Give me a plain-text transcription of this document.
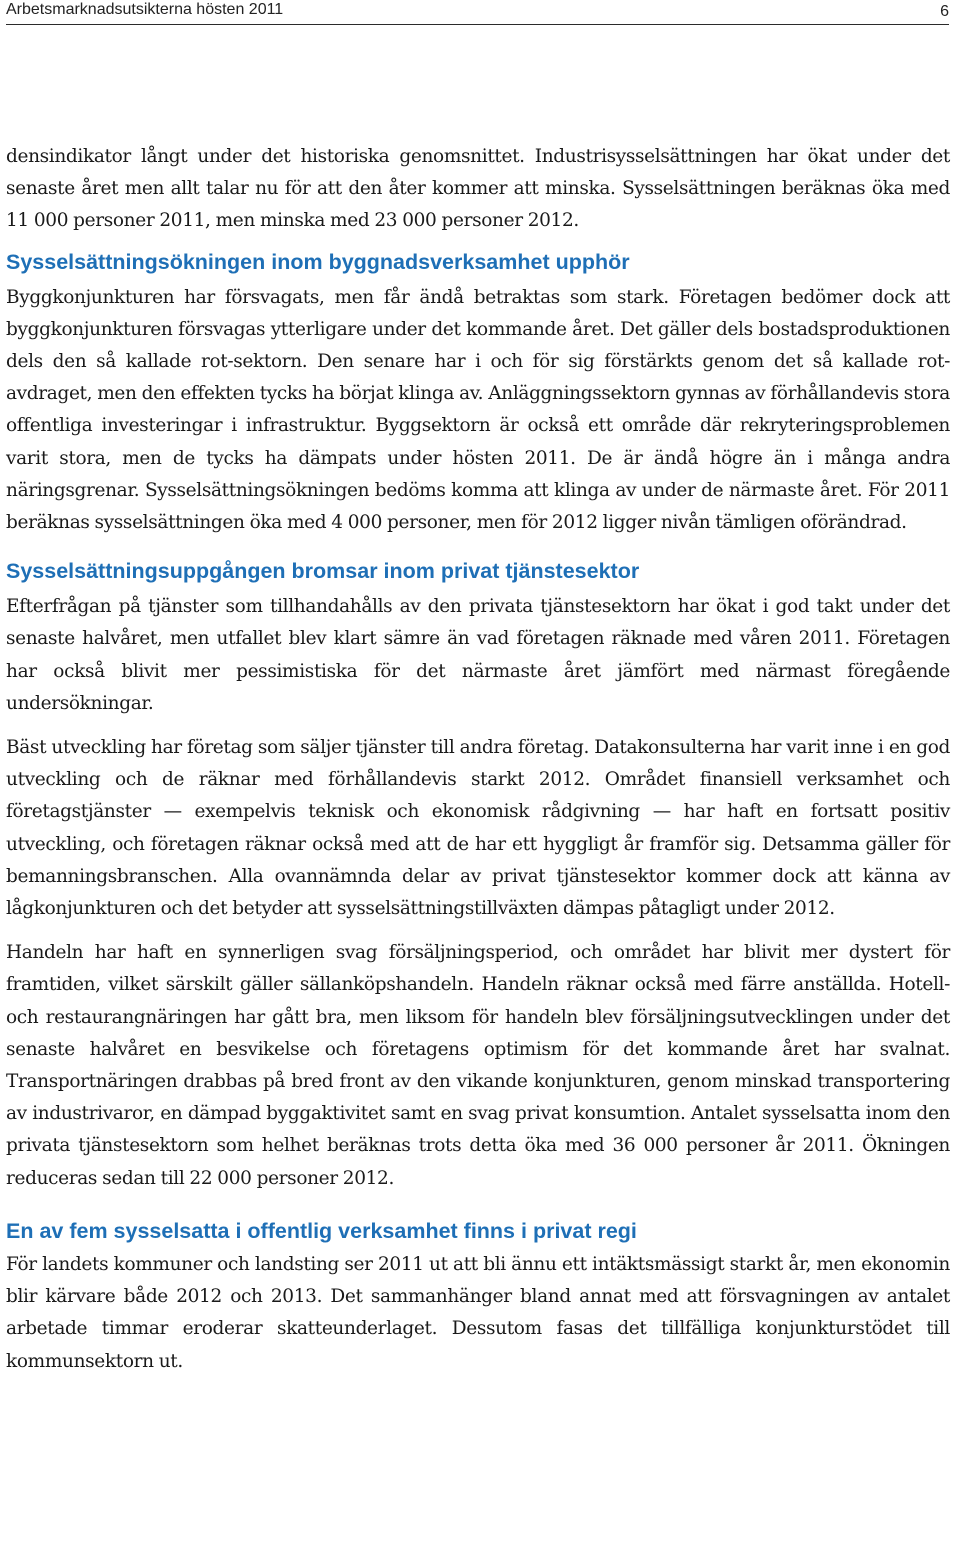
Arbetsmarknadsutsikterna hösten 2011	6

densindikator långt under det historiska genomsnittet. Industrisysselsättningen har ökat under det senaste året men allt talar nu för att den åter kommer att minska. Sysselsättningen beräknas öka med 11 000 personer 2011, men minska med 23 000 personer 2012.

Sysselsättningsökningen inom byggnadsverksamhet upphör

Byggkonjunkturen har försvagats, men får ändå betraktas som stark. Företagen bedömer dock att byggkonjunkturen försvagas ytterligare under det kommande året. Det gäller dels bostadsproduktionen dels den så kallade rot-sektorn. Den senare har i och för sig förstärkts genom det så kallade rot-avdraget, men den effekten tycks ha börjat klinga av. Anläggningssektorn gynnas av förhållandevis stora offentliga investeringar i infrastruktur. Byggsektorn är också ett område där rekryteringsproblemen varit stora, men de tycks ha dämpats under hösten 2011. De är ändå högre än i många andra näringsgrenar. Sysselsättningsökningen bedöms komma att klinga av under de närmaste året. För 2011 beräknas sysselsättningen öka med 4 000 personer, men för 2012 ligger nivån tämligen oförändrad.

Sysselsättningsuppgången bromsar inom privat tjänstesektor

Efterfrågan på tjänster som tillhandahålls av den privata tjänstesektorn har ökat i god takt under det senaste halvåret, men utfallet blev klart sämre än vad företagen räknade med våren 2011. Företagen har också blivit mer pessimistiska för det närmaste året jämfört med närmast föregående undersökningar.

Bäst utveckling har företag som säljer tjänster till andra företag. Datakonsulterna har varit inne i en god utveckling och de räknar med förhållandevis starkt 2012. Området finansiell verksamhet och företagstjänster — exempelvis teknisk och ekonomisk rådgivning — har haft en fortsatt positiv utveckling, och företagen räknar också med att de har ett hyggligt år framför sig. Detsamma gäller för bemanningsbranschen. Alla ovannämnda delar av privat tjänstesektor kommer dock att känna av lågkonjunkturen och det betyder att sysselsättningstillväxten dämpas påtagligt under 2012.

Handeln har haft en synnerligen svag försäljningsperiod, och området har blivit mer dystert för framtiden, vilket särskilt gäller sällanköpshandeln. Handeln räknar också med färre anställda. Hotell- och restaurangnäringen har gått bra, men liksom för handeln blev försäljningsutvecklingen under det senaste halvåret en besvikelse och företagens optimism för det kommande året har svalnat. Transportnäringen drabbas på bred front av den vikande konjunkturen, genom minskad transportering av industrivaror, en dämpad byggaktivitet samt en svag privat konsumtion. Antalet sysselsatta inom den privata tjänstesektorn som helhet beräknas trots detta öka med 36 000 personer år 2011. Ökningen reduceras sedan till 22 000 personer 2012.

En av fem sysselsatta i offentlig verksamhet finns i privat regi

För landets kommuner och landsting ser 2011 ut att bli ännu ett intäktsmässigt starkt år, men ekonomin blir kärvare både 2012 och 2013. Det sammanhänger bland annat med att försvagningen av antalet arbetade timmar eroderar skatteunderlaget. Dessutom fasas det tillfälliga konjunkturstödet till kommunsektorn ut.
